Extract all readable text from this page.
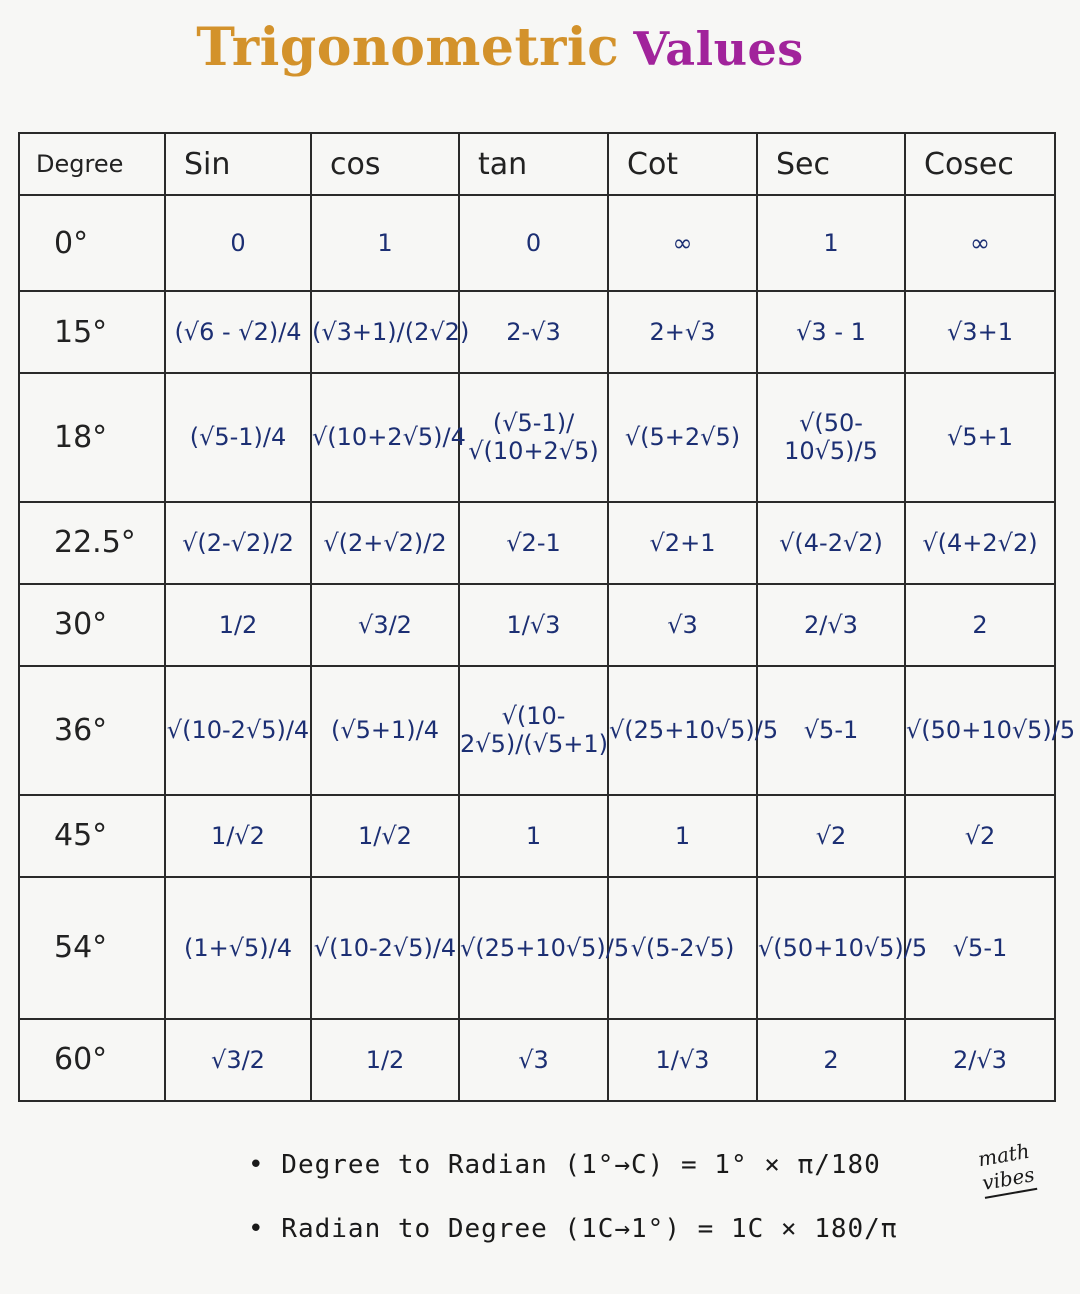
Trigonometric Values
Degree	Sin	cos	tan	Cot	Sec	Cosec
0°	0	1	0	∞	1	∞
15°	(√6 - √2)/4	(√3+1)/(2√2)	2-√3	2+√3	√3 - 1	√3+1
18°	(√5-1)/4	√(10+2√5)/4	(√5-1)/√(10+2√5)	√(5+2√5)	√(50-10√5)/5	√5+1
22.5°	√(2-√2)/2	√(2+√2)/2	√2-1	√2+1	√(4-2√2)	√(4+2√2)
30°	1/2	√3/2	1/√3	√3	2/√3	2
36°	√(10-2√5)/4	(√5+1)/4	√(10-2√5)/(√5+1)	√(25+10√5)/5	√5-1	√(50+10√5)/5
45°	1/√2	1/√2	1	1	√2	√2
54°	(1+√5)/4	√(10-2√5)/4	√(25+10√5)/5	√(5-2√5)	√(50+10√5)/5	√5-1
60°	√3/2	1/2	√3	1/√3	2	2/√3
• Degree to Radian (1°→C) = 1° × π/180
• Radian to Degree (1C→1°) = 1C × 180/π
math
vibes
